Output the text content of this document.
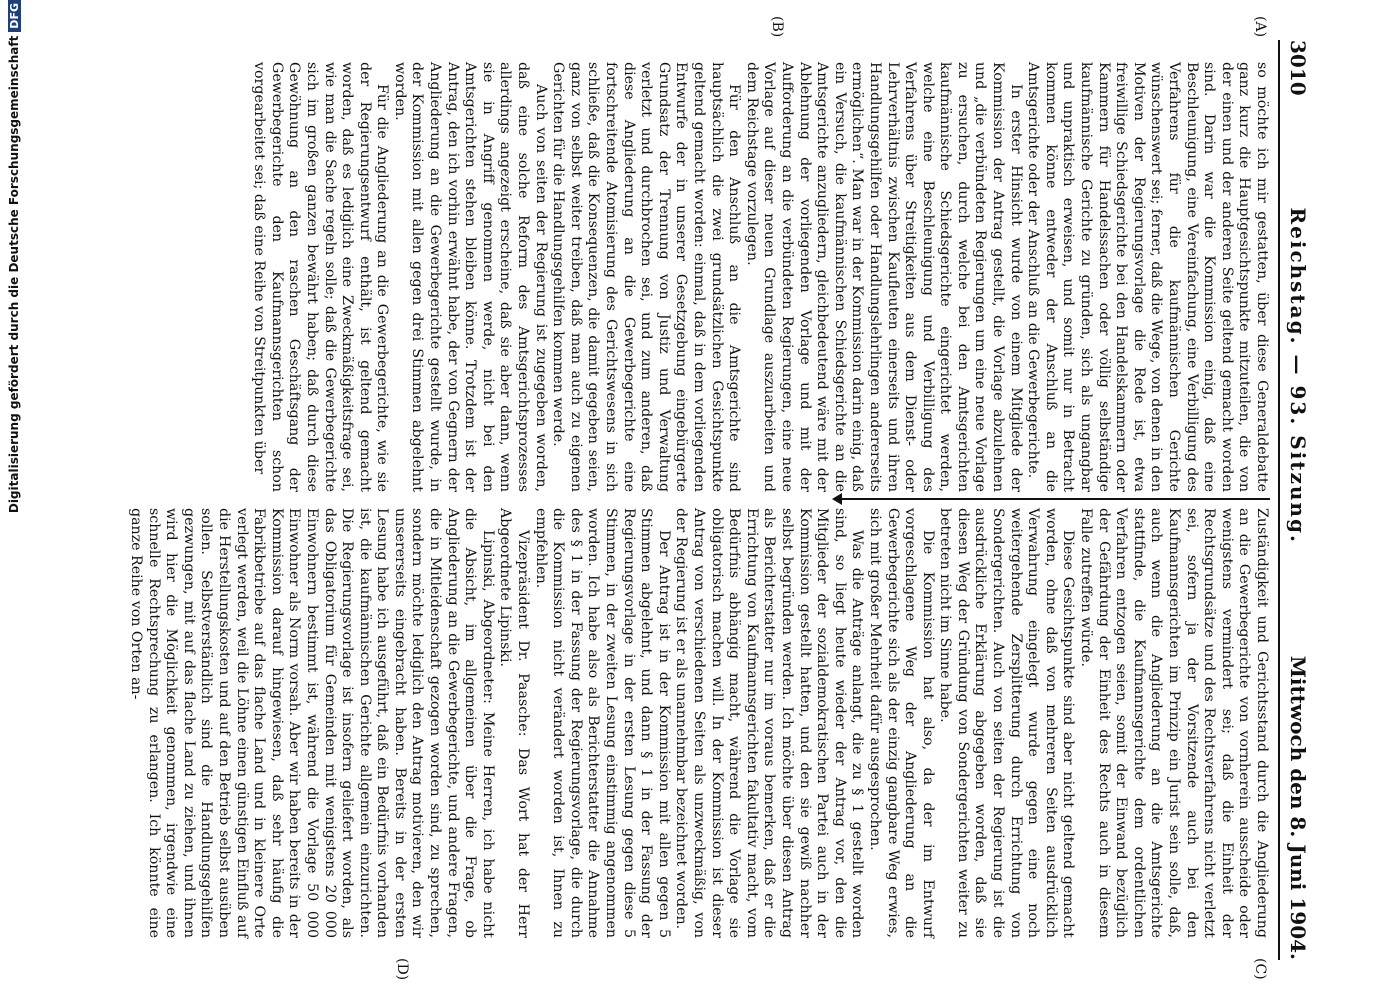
3010
Reichstag. — 93. Sitzung.
Mittwoch den 8. Juni 1904.
(A)
(B)
(C)
(D)

so möchte ich mir gestatten, über diese Generaldebatte ganz kurz die Hauptgesichtspunkte mitzuteilen, die von der einen und der anderen Seite geltend gemacht worden sind. Darin war die Kommission einig, daß eine Beschleunigung, eine Vereinfachung, eine Verbilligung des Verfahrens für die kaufmännischen Gerichte wünschenswert sei; ferner, daß die Wege, von denen in den Motiven der Regierungsvorlage die Rede ist, etwa freiwillige Schiedsgerichte bei den Handelskammern oder Kammern für Handelssachen oder völlig selbständige kaufmännische Gerichte zu gründen, sich als ungangbar und unpraktisch erweisen, und somit nur in Betracht kommen könne entweder der Anschluß an die Amtsgerichte oder der Anschluß an die Gewerbegerichte.

In erster Hinsicht wurde von einem Mitgliede der Kommission der Antrag gestellt, die Vorlage abzulehnen und „die verbündeten Regierungen um eine neue Vorlage zu ersuchen, durch welche bei den Amtsgerichten kaufmännische Schiedsgerichte eingerichtet werden, welche eine Beschleunigung und Verbilligung des Verfahrens über Streitigkeiten aus dem Dienst- oder Lehrverhältnis zwischen Kaufleuten einerseits und ihren Handlungsgehilfen oder Handlungslehrlingen andererseits ermöglichen“. Man war in der Kommission darin einig, daß ein Versuch, die kaufmännischen Schiedsgerichte an die Amtsgerichte anzugliedern, gleichbedeutend wäre mit der Ablehnung der vorliegenden Vorlage und mit der Aufforderung an die verbündeten Regierungen, eine neue Vorlage auf dieser neuen Grundlage auszuarbeiten und dem Reichstage vorzulegen.

Für den Anschluß an die Amtsgerichte sind hauptsächlich die zwei grundsätzlichen Gesichtspunkte geltend gemacht worden: einmal, daß in dem vorliegenden Entwurfe der in unserer Gesetzgebung eingebürgerte Grundsatz der Trennung von Justiz und Verwaltung verletzt und durchbrochen sei, und zum anderen, daß diese Angliederung an die Gewerbegerichte eine fortschreitende Atomisierung des Gerichtswesens in sich schließe, daß die Konsequenzen, die damit gegeben seien, ganz von selbst weiter treiben, daß man auch zu eigenen Gerichten für die Handlungsgehilfen kommen werde.

Auch von seiten der Regierung ist zugegeben worden, daß eine solche Reform des Amtsgerichtsprozesses allerdings angezeigt erscheine, daß sie aber dann, wenn sie in Angriff genommen werde, nicht bei den Amtsgerichten stehen bleiben könne. Trotzdem ist der Antrag, den ich vorhin erwähnt habe, der von Gegnern der Angliederung an die Gewerbegerichte gestellt wurde, in der Kommission mit allen gegen drei Stimmen abgelehnt worden.

Für die Angliederung an die Gewerbegerichte, wie sie der Regierungsentwurf enthält, ist geltend gemacht worden, daß es lediglich eine Zweckmäßigkeitsfrage sei, wie man die Sache regeln solle; daß die Gewerbegerichte sich im großen ganzen bewährt haben; daß durch diese Gewöhnung an den raschen Geschäftsgang der Gewerbegerichte den Kaufmannsgerichten schon vorgearbeitet sei; daß eine Reihe von Streitpunkten über

Zuständigkeit und Gerichtsstand durch die Angliederung an die Gewerbegerichte von vornherein ausscheide oder wenigstens vermindert sei; daß die Einheit der Rechtsgrundsätze und des Rechtsverfahrens nicht verletzt sei, sofern ja der Vorsitzende auch bei den Kaufmannsgerichten im Prinzip ein Jurist sein solle, daß, auch wenn die Angliederung an die Amtsgerichte stattfinde, die Kaufmannsgerichte dem ordentlichen Verfahren entzogen seien, somit der Einwand bezüglich der Gefährdung der Einheit des Rechts auch in diesem Falle zutreffen würde.

Diese Gesichtspunkte sind aber nicht geltend gemacht worden, ohne daß von mehreren Seiten ausdrücklich Verwahrung eingelegt wurde gegen eine noch weitergehende Zersplitterung durch Errichtung von Sondergerichten. Auch von seiten der Regierung ist die ausdrückliche Erklärung abgegeben worden, daß sie diesen Weg der Gründung von Sondergerichten weiter zu betreten nicht im Sinne habe.

Die Kommission hat also, da der im Entwurf vorgeschlagene Weg der Angliederung an die Gewerbegerichte sich als der einzig gangbare Weg erwies, sich mit großer Mehrheit dafür ausgesprochen.

Was die Anträge anlangt, die zu § 1 gestellt worden sind, so liegt heute wieder der Antrag vor, den die Mitglieder der sozialdemokratischen Partei auch in der Kommission gestellt hatten, und den sie gewiß nachher selbst begründen werden. Ich möchte über diesen Antrag als Berichterstatter nur im voraus bemerken, daß er die Errichtung von Kaufmannsgerichten fakultativ macht, vom Bedürfnis abhängig macht, während die Vorlage sie obligatorisch machen will. In der Kommission ist dieser Antrag von verschiedenen Seiten als unzweckmäßig, von der Regierung ist er als unannehmbar bezeichnet worden.

Der Antrag ist in der Kommission mit allen gegen 5 Stimmen abgelehnt, und dann § 1 in der Fassung der Regierungsvorlage in der ersten Lesung gegen diese 5 Stimmen, in der zweiten Lesung einstimmig angenommen worden. Ich habe also als Berichterstatter die Annahme des § 1 in der Fassung der Regierungsvorlage, die durch die Kommission nicht verändert worden ist, Ihnen zu empfehlen.

Vizepräsident Dr. Paasche: Das Wort hat der Herr Abgeordnete Lipinski.

Lipinski, Abgeordneter: Meine Herren, ich habe nicht die Absicht, im allgemeinen über die Frage, ob Angliederung an die Gewerbegerichte, und andere Fragen, die in Mitleidenschaft gezogen worden sind, zu sprechen, sondern möchte lediglich den Antrag motivieren, den wir unsererseits eingebracht haben. Bereits in der ersten Lesung habe ich ausgeführt, daß ein Bedürfnis vorhanden ist, die kaufmännischen Gerichte allgemein einzurichten. Die Regierungsvorlage ist insofern geliefert worden, als das Obligatorium für Gemeinden mit wenigstens 20 000 Einwohnern bestimmt ist, während die Vorlage 50 000 Einwohner als Norm vorsah. Aber wir haben bereits in der Kommission darauf hingewiesen, daß sehr häufig die Fabrikbetriebe auf das flache Land und in kleinere Orte verlegt werden, weil die Löhne einen günstigen Einfluß auf die Herstellungskosten und auf den Betrieb selbst ausüben sollen. Selbstverständlich sind die Handlungsgehilfen gezwungen, mit auf das flache Land zu ziehen, und ihnen wird hier die Möglichkeit genommen, irgendwie eine schnelle Rechtsprechung zu erlangen. Ich könnte eine ganze Reihe von Orten an-

Digitalisierung gefördert durch die Deutsche Forschungsgemeinschaft
DFG
